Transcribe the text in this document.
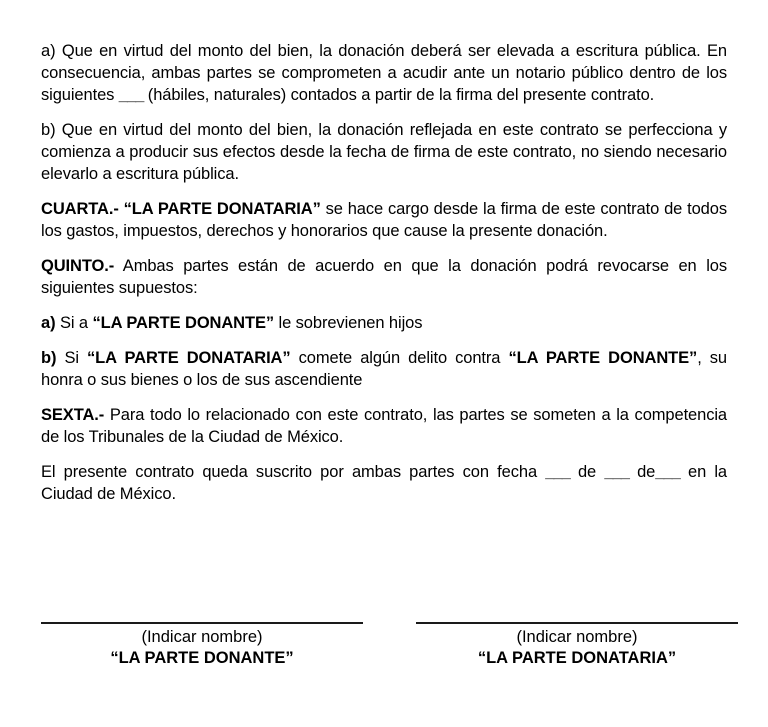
a) Que en virtud del monto del bien, la donación deberá ser elevada a escritura pública. En consecuencia, ambas partes se comprometen a acudir ante un notario público dentro de los siguientes ___ (hábiles, naturales) contados a partir de la firma del presente contrato.

b) Que en virtud del monto del bien, la donación reflejada en este contrato se perfecciona y comienza a producir sus efectos desde la fecha de firma de este contrato, no siendo necesario elevarlo a escritura pública.

CUARTA.- “LA PARTE DONATARIA” se hace cargo desde la firma de este contrato de todos los gastos, impuestos, derechos y honorarios que cause la presente donación.

QUINTO.- Ambas partes están de acuerdo en que la donación podrá revocarse en los siguientes supuestos:

a) Si a “LA PARTE DONANTE” le sobrevienen hijos

b) Si “LA PARTE DONATARIA” comete algún delito contra “LA PARTE DONANTE”, su honra o sus bienes o los de sus ascendiente

SEXTA.- Para todo lo relacionado con este contrato, las partes se someten a la competencia de los Tribunales de la Ciudad de México.

El presente contrato queda suscrito por ambas partes con fecha ___ de ___ de___ en la Ciudad de México.

(Indicar nombre)
“LA PARTE DONANTE”
(Indicar nombre)
“LA PARTE DONATARIA”
